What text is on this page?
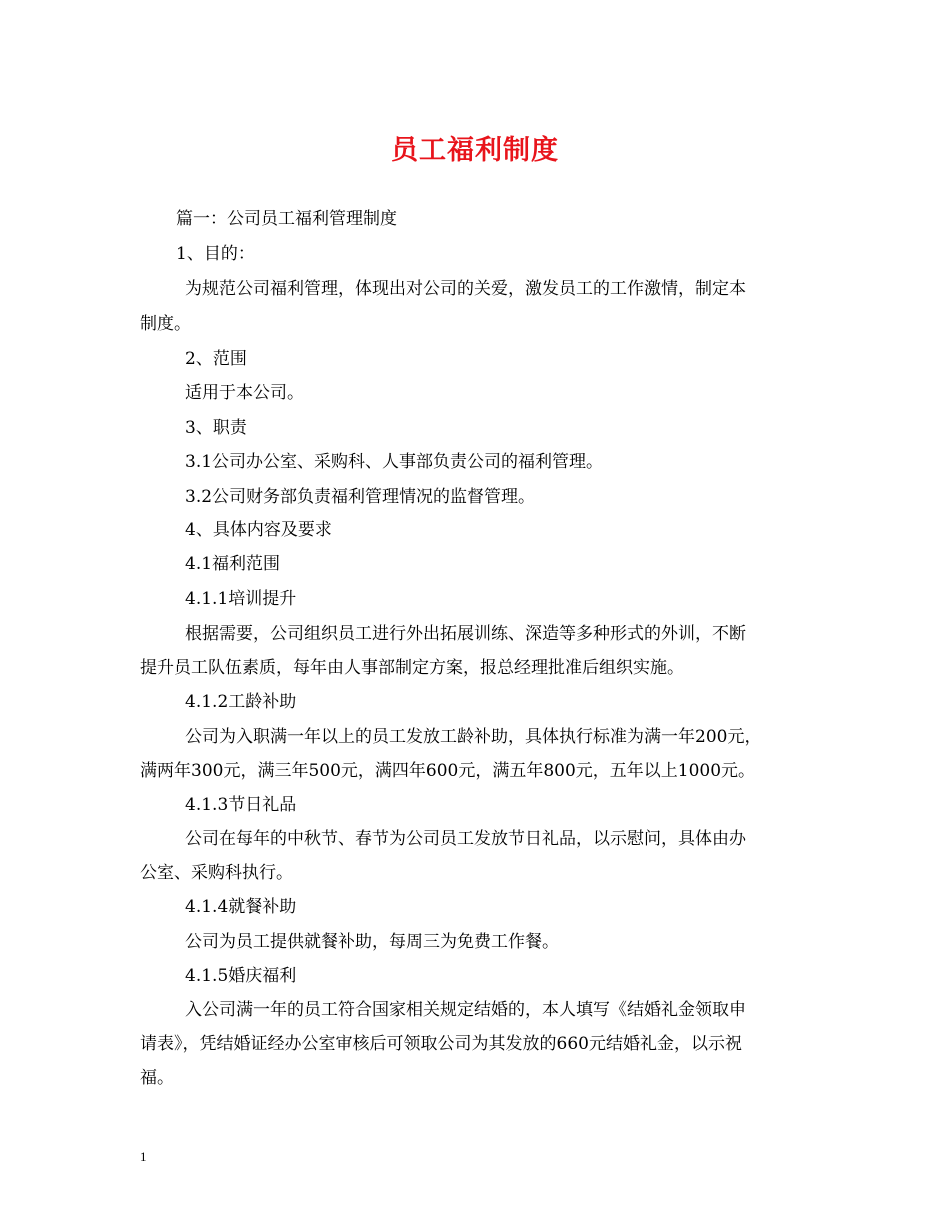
员工福利制度
篇一：公司员工福利管理制度
1、目的：
为规范公司福利管理，体现出对公司的关爱，激发员工的工作激情，制定本
制度。
2、范围
适用于本公司。
3、职责
3.1公司办公室、采购科、人事部负责公司的福利管理。
3.2公司财务部负责福利管理情况的监督管理。
4、具体内容及要求
4.1福利范围
4.1.1培训提升
根据需要，公司组织员工进行外出拓展训练、深造等多种形式的外训，不断
提升员工队伍素质，每年由人事部制定方案，报总经理批准后组织实施。
4.1.2工龄补助
公司为入职满一年以上的员工发放工龄补助，具体执行标准为满一年200元，
满两年300元，满三年500元，满四年600元，满五年800元，五年以上1000元。
4.1.3节日礼品
公司在每年的中秋节、春节为公司员工发放节日礼品，以示慰问，具体由办
公室、采购科执行。
4.1.4就餐补助
公司为员工提供就餐补助，每周三为免费工作餐。
4.1.5婚庆福利
入公司满一年的员工符合国家相关规定结婚的，本人填写《结婚礼金领取申
请表》，凭结婚证经办公室审核后可领取公司为其发放的660元结婚礼金，以示祝
福。
1
